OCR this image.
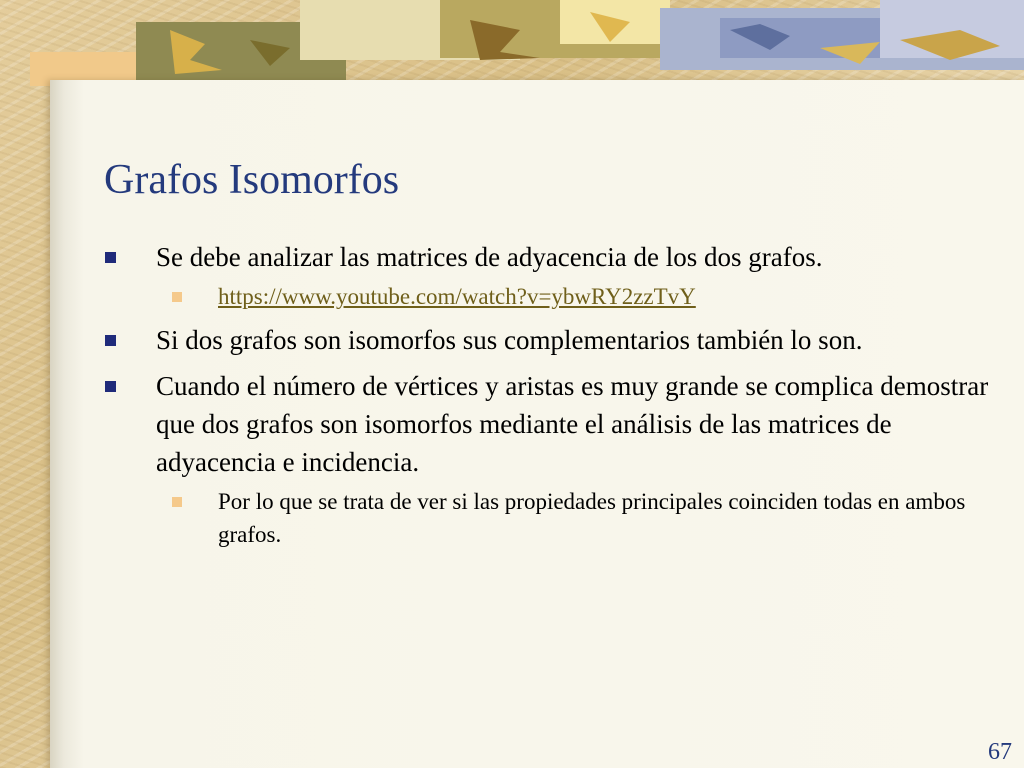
Grafos Isomorfos
Se debe analizar las matrices de adyacencia de los dos grafos.
https://www.youtube.com/watch?v=ybwRY2zzTvY
Si dos grafos son isomorfos sus complementarios también lo son.
Cuando el número de vértices y aristas es muy grande se complica demostrar que dos grafos son isomorfos mediante el análisis de las matrices de adyacencia e incidencia.
Por lo que se trata de ver si las propiedades principales coinciden todas en ambos grafos.
67
